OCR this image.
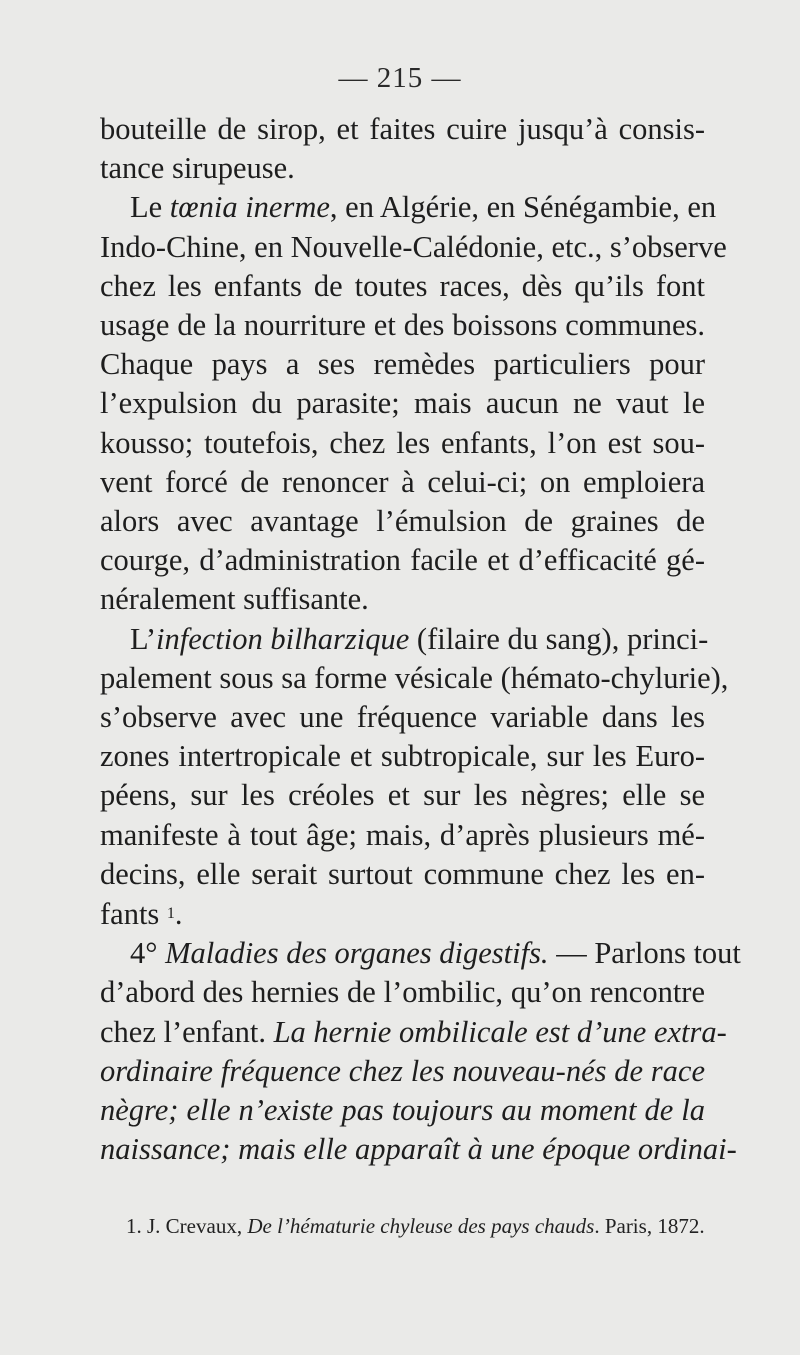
— 215 —
bouteille de sirop, et faites cuire jusqu’à consis-
tance sirupeuse.
Le tœnia inerme, en Algérie, en Sénégambie, en
Indo-Chine, en Nouvelle-Calédonie, etc., s’observe
chez les enfants de toutes races, dès qu’ils font
usage de la nourriture et des boissons communes.
Chaque pays a ses remèdes particuliers pour
l’expulsion du parasite; mais aucun ne vaut le
kousso; toutefois, chez les enfants, l’on est sou-
vent forcé de renoncer à celui-ci; on emploiera
alors avec avantage l’émulsion de graines de
courge, d’administration facile et d’efficacité gé-
néralement suffisante.
L’infection bilharzique (filaire du sang), princi-
palement sous sa forme vésicale (hémato-chylurie),
s’observe avec une fréquence variable dans les
zones intertropicale et subtropicale, sur les Euro-
péens, sur les créoles et sur les nègres; elle se
manifeste à tout âge; mais, d’après plusieurs mé-
decins, elle serait surtout commune chez les en-
fants $^1$.
4° Maladies des organes digestifs. — Parlons tout
d’abord des hernies de l’ombilic, qu’on rencontre
chez l’enfant. La hernie ombilicale est d’une extra-
ordinaire fréquence chez les nouveau-nés de race
nègre; elle n’existe pas toujours au moment de la
naissance; mais elle apparaît à une époque ordinai-
1. J. Crevaux, De l’hématurie chyleuse des pays chauds. Paris, 1872.
